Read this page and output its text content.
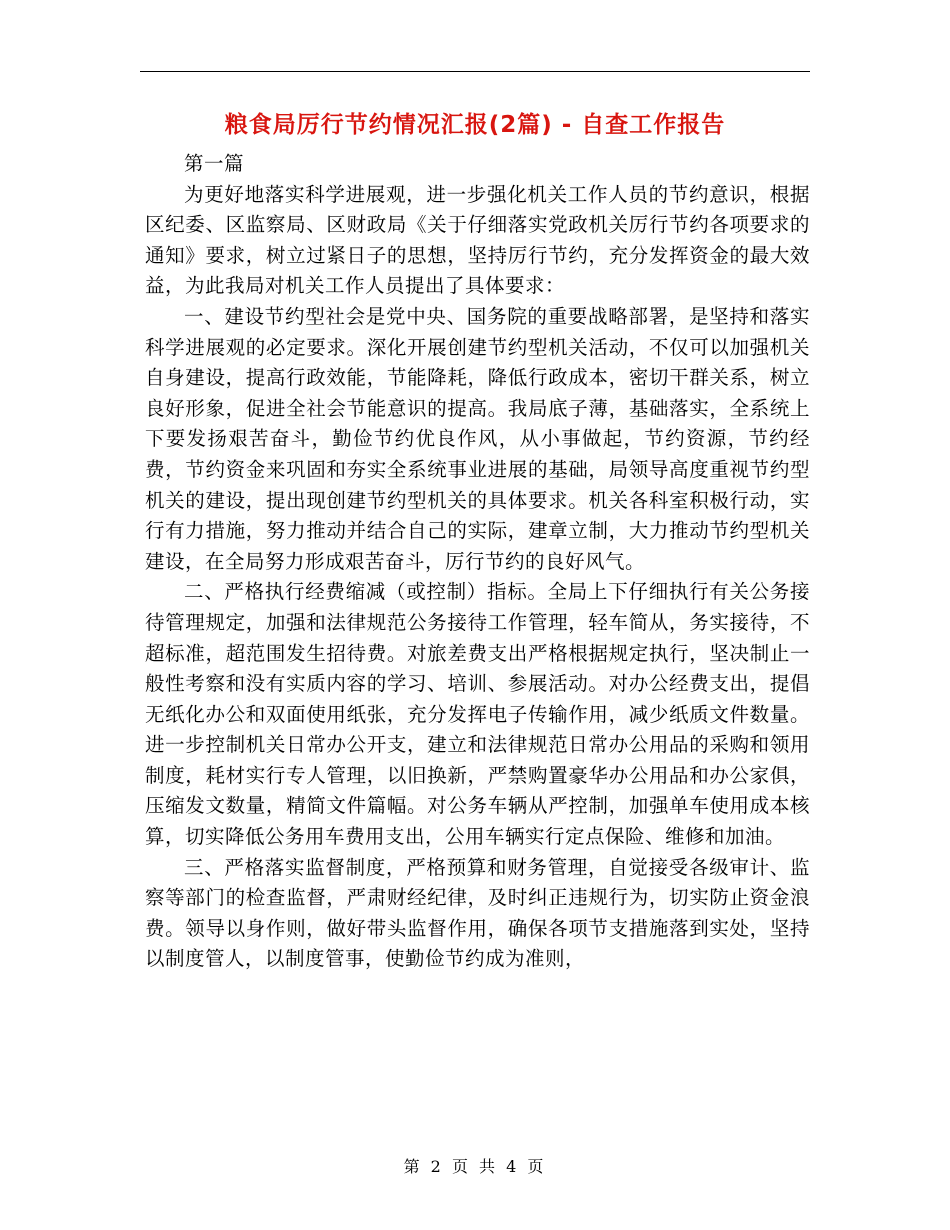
粮食局厉行节约情况汇报(2篇) - 自查工作报告

第一篇

为更好地落实科学进展观，进一步强化机关工作人员的节约意识，根据区纪委、区监察局、区财政局《关于仔细落实党政机关厉行节约各项要求的通知》要求，树立过紧日子的思想，坚持厉行节约，充分发挥资金的最大效益，为此我局对机关工作人员提出了具体要求：

一、建设节约型社会是党中央、国务院的重要战略部署，是坚持和落实科学进展观的必定要求。深化开展创建节约型机关活动，不仅可以加强机关自身建设，提高行政效能，节能降耗，降低行政成本，密切干群关系，树立良好形象，促进全社会节能意识的提高。我局底子薄，基础落实，全系统上下要发扬艰苦奋斗，勤俭节约优良作风，从小事做起，节约资源，节约经费，节约资金来巩固和夯实全系统事业进展的基础，局领导高度重视节约型机关的建设，提出现创建节约型机关的具体要求。机关各科室积极行动，实行有力措施，努力推动并结合自己的实际，建章立制，大力推动节约型机关建设，在全局努力形成艰苦奋斗，厉行节约的良好风气。

二、严格执行经费缩减（或控制）指标。全局上下仔细执行有关公务接待管理规定，加强和法律规范公务接待工作管理，轻车简从，务实接待，不超标准，超范围发生招待费。对旅差费支出严格根据规定执行，坚决制止一般性考察和没有实质内容的学习、培训、参展活动。对办公经费支出，提倡无纸化办公和双面使用纸张，充分发挥电子传输作用，减少纸质文件数量。进一步控制机关日常办公开支，建立和法律规范日常办公用品的采购和领用制度，耗材实行专人管理，以旧换新，严禁购置豪华办公用品和办公家俱，压缩发文数量，精简文件篇幅。对公务车辆从严控制，加强单车使用成本核算，切实降低公务用车费用支出，公用车辆实行定点保险、维修和加油。

三、严格落实监督制度，严格预算和财务管理，自觉接受各级审计、监察等部门的检查监督，严肃财经纪律，及时纠正违规行为，切实防止资金浪费。领导以身作则，做好带头监督作用，确保各项节支措施落到实处，坚持以制度管人，以制度管事，使勤俭节约成为准则，

第 2 页 共 4 页
